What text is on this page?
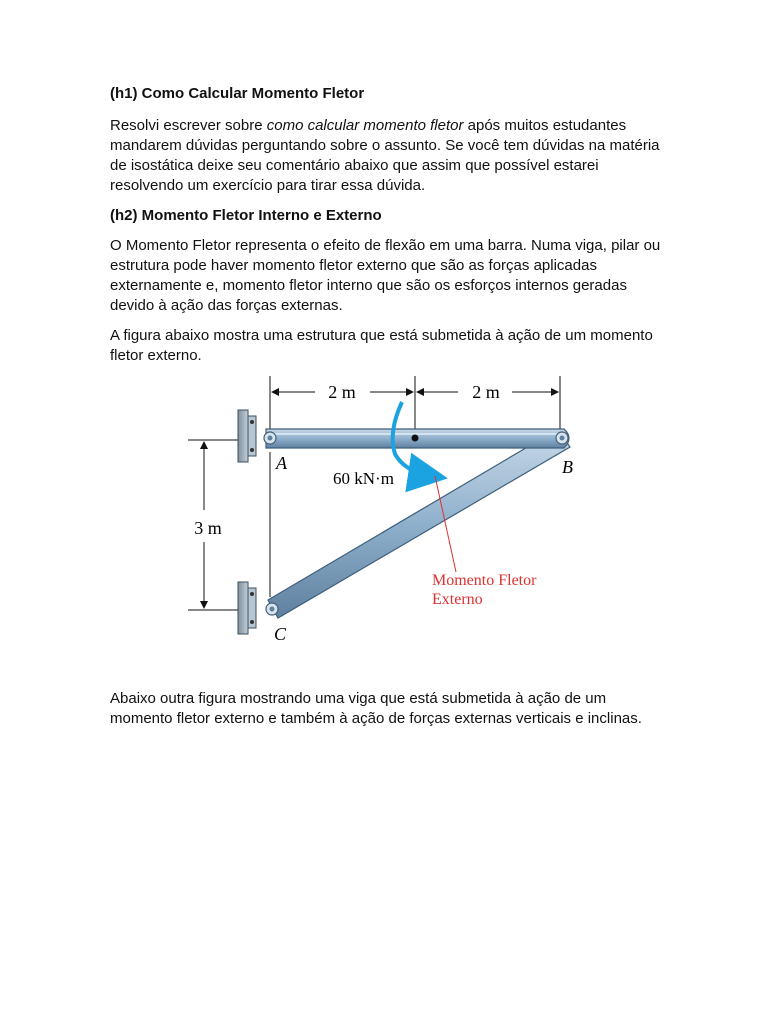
(h1) Como Calcular Momento Fletor
Resolvi escrever sobre como calcular momento fletor após muitos estudantes mandarem dúvidas perguntando sobre o assunto. Se você tem dúvidas na matéria de isostática deixe seu comentário abaixo que assim que possível estarei resolvendo um exercício para tirar essa dúvida.
(h2) Momento Fletor Interno e Externo
O Momento Fletor representa o efeito de flexão em uma barra. Numa viga, pilar ou estrutura pode haver momento fletor externo que são as forças aplicadas externamente e, momento fletor interno que são os esforços internos geradas devido à ação das forças externas.
A figura abaixo mostra uma estrutura que está submetida à ação de um momento fletor externo.
2 m	2 m
3 m
A	B
C
60 kN·m
Momento Fletor
Externo
Abaixo outra figura mostrando uma viga que está submetida à ação de um momento fletor externo e também à ação de forças externas verticais e inclinas.
